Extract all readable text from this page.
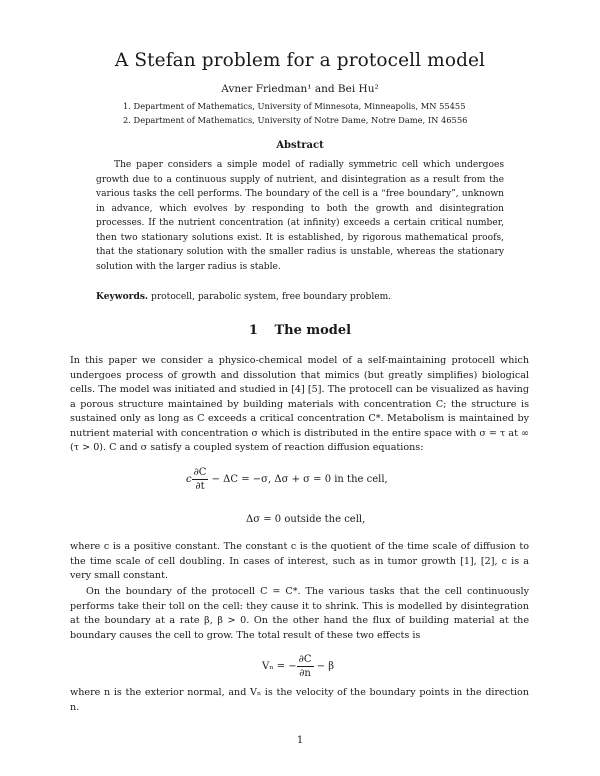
A Stefan problem for a protocell model
Avner Friedman¹ and Bei Hu²
1. Department of Mathematics, University of Minnesota, Minneapolis, MN 55455
2. Department of Mathematics, University of Notre Dame, Notre Dame, IN 46556
Abstract
The paper considers a simple model of radially symmetric cell which undergoes growth due to a continuous supply of nutrient, and disintegration as a result from the various tasks the cell performs. The boundary of the cell is a “free boundary”, unknown in advance, which evolves by responding to both the growth and disintegration processes. If the nutrient concentration (at infinity) exceeds a certain critical number, then two stationary solutions exist. It is established, by rigorous mathematical proofs, that the stationary solution with the smaller radius is unstable, whereas the stationary solution with the larger radius is stable.
Keywords. protocell, parabolic system, free boundary problem.
1 The model
In this paper we consider a physico-chemical model of a self-maintaining protocell which undergoes process of growth and dissolution that mimics (but greatly simplifies) biological cells. The model was initiated and studied in [4] [5]. The protocell can be visualized as having a porous structure maintained by building materials with concentration C; the structure is sustained only as long as C exceeds a critical concentration C*. Metabolism is maintained by nutrient material with concentration σ which is distributed in the entire space with σ = τ at ∞ (τ > 0). C and σ satisfy a coupled system of reaction diffusion equations:
c $\frac{\partial C}{\partial t} - \Delta C = -\sigma$, Δσ + σ = 0 in the cell,
Δσ = 0 outside the cell,
where c is a positive constant. The constant c is the quotient of the time scale of diffusion to the time scale of cell doubling. In cases of interest, such as in tumor growth [1], [2], c is a very small constant.
On the boundary of the protocell C = C*. The various tasks that the cell continuously performs take their toll on the cell: they cause it to shrink. This is modelled by disintegration at the boundary at a rate β, β > 0. On the other hand the flux of building material at the boundary causes the cell to grow. The total result of these two effects is
Vₙ = − $\frac{\partial C}{\partial n} - \beta$
where n is the exterior normal, and Vₙ is the velocity of the boundary points in the direction n.
1
